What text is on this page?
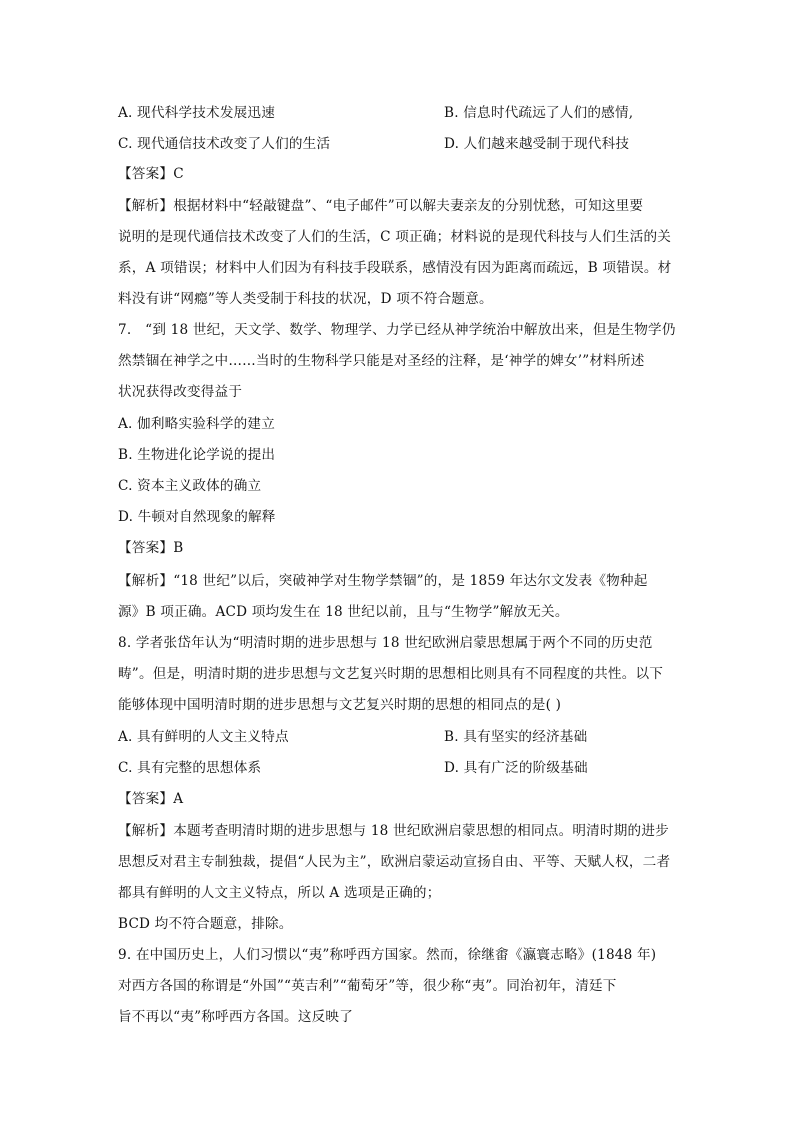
A. 现代科学技术发展迅速	B. 信息时代疏远了人们的感情,
C. 现代通信技术改变了人们的生活	D. 人们越来越受制于现代科技
【答案】C
【解析】根据材料中“轻敲键盘”、“电子邮件”可以解夫妻亲友的分别忧愁，可知这里要
说明的是现代通信技术改变了人们的生活，C 项正确；材料说的是现代科技与人们生活的关
系，A 项错误；材料中人们因为有科技手段联系，感情没有因为距离而疏远，B 项错误。材
料没有讲“网瘾”等人类受制于科技的状况，D 项不符合题意。
7.　“到 18 世纪，天文学、数学、物理学、力学已经从神学统治中解放出来，但是生物学仍
然禁锢在神学之中……当时的生物科学只能是对圣经的注释，是‘神学的婢女’”材料所述
状况获得改变得益于
A. 伽利略实验科学的建立
B. 生物进化论学说的提出
C. 资本主义政体的确立
D. 牛顿对自然现象的解释
【答案】B
【解析】“18 世纪”以后，突破神学对生物学禁锢”的，是 1859 年达尔文发表《物种起
源》B 项正确。ACD 项均发生在 18 世纪以前，且与“生物学”解放无关。
8. 学者张岱年认为“明清时期的进步思想与 18 世纪欧洲启蒙思想属于两个不同的历史范
畴”。但是，明清时期的进步思想与文艺复兴时期的思想相比则具有不同程度的共性。以下
能够体现中国明清时期的进步思想与文艺复兴时期的思想的相同点的是( )
A. 具有鲜明的人文主义特点	B. 具有坚实的经济基础
C. 具有完整的思想体系	D. 具有广泛的阶级基础
【答案】A
【解析】本题考查明清时期的进步思想与 18 世纪欧洲启蒙思想的相同点。明清时期的进步
思想反对君主专制独裁，提倡“人民为主”，欧洲启蒙运动宣扬自由、平等、天赋人权，二者
都具有鲜明的人文主义特点，所以 A 选项是正确的；
BCD 均不符合题意，排除。
9. 在中国历史上，人们习惯以“夷”称呼西方国家。然而，徐继畬《瀛寰志略》(1848 年)
对西方各国的称谓是“外国”“英吉利”“葡萄牙”等，很少称“夷”。同治初年，清廷下
旨不再以“夷”称呼西方各国。这反映了
